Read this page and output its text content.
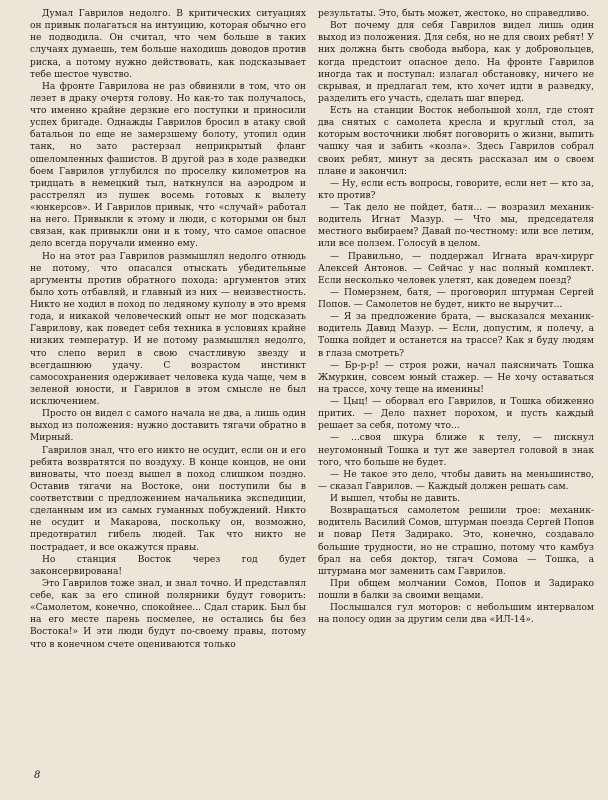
Думал Гаврилов недолго. В критических ситуациях он привык полагаться на интуицию, которая обычно его не подводила. Он считал, что чем больше в таких случаях думаешь, тем больше находишь доводов против риска, а потому нужно действовать, как подсказывает тебе шестое чувство.

На фронте Гаврилова не раз обвиняли в том, что он лезет в драку очертя голову. Но как-то так получалось, что именно крайне дерзкие его поступки и приносили успех бригаде. Однажды Гаврилов бросил в атаку свой батальон по еще не замерзшему болоту, утопил один танк, но зато растерзал неприкрытый фланг ошеломленных фашистов. В другой раз в ходе разведки боем Гаврилов углубился по проселку километров на тридцать в немецкий тыл, наткнулся на аэродром и расстрелял из пушек восемь готовых к вылету «юнкерсов». И Гаврилов привык, что «случай» работал на него. Привыкли к этому и люди, с которыми он был связан, как привыкли они и к тому, что самое опасное дело всегда поручали именно ему.

Но на этот раз Гаврилов размышлял недолго отнюдь не потому, что опасался отыскать убедительные аргументы против обратного похода: аргументов этих было хоть отбавляй, и главный из них — неизвестность. Никто не ходил в поход по ледяному куполу в это время года, и никакой человеческий опыт не мог подсказать Гаврилову, как поведет себя техника в условиях крайне низких температур. И не потому размышлял недолго, что слепо верил в свою счастливую звезду и всегдашнюю удачу. С возрастом инстинкт самосохранения одерживает человека куда чаще, чем в зеленой юности, и Гаврилов в этом смысле не был исключением.

Просто он видел с самого начала не два, а лишь один выход из положения: нужно доставить тягачи обратно в Мирный.

Гаврилов знал, что его никто не осудит, если он и его ребята возвратятся по воздуху. В конце концов, не они виноваты, что поезд вышел в поход слишком поздно. Оставив тягачи на Востоке, они поступили бы в соответствии с предложением начальника экспедиции, сделанным им из самых гуманных побуждений. Никто не осудит и Макарова, поскольку он, возможно, предотвратил гибель людей. Так что никто не пострадает, и все окажутся правы.

Но станция Восток через год будет законсервирована!

Это Гаврилов тоже знал, и знал точно. И представлял себе, как за его спиной полярники будут говорить: «Самолетом, конечно, спокойнее... Сдал старик. Был бы на его месте парень посмелее, не остались бы без Востока!» И эти люди будут по-своему правы, потому что в конечном счете оцениваются только

результаты. Это, быть может, жестоко, но справедливо.

Вот почему для себя Гаврилов видел лишь один выход из положения. Для себя, но не для своих ребят! У них должна быть свобода выбора, как у добровольцев, когда предстоит опасное дело. На фронте Гаврилов иногда так и поступал: излагал обстановку, ничего не скрывая, и предлагал тем, кто хочет идти в разведку, разделить его участь, сделать шаг вперед.

Есть на станции Восток небольшой холл, где стоят два снятых с самолета кресла и круглый стол, за которым восточники любят поговорить о жизни, выпить чашку чая и забить «козла». Здесь Гаврилов собрал своих ребят, минут за десять рассказал им о своем плане и закончил:

— Ну, если есть вопросы, говорите, если нет — кто за, кто против?

— Так дело не пойдет, батя... — возразил механик-водитель Игнат Мазур. — Что мы, председателя местного выбираем? Давай по-честному: или все летим, или все ползем. Голосуй в целом.

— Правильно, — поддержал Игната врач-хирург Алексей Антонов. — Сейчас у нас полный комплект. Если несколько человек улетят, как доведем поезд?

— Померзнем, батя, — проговорил штурман Сергей Попов. — Самолетов не будет, никто не выручит...

— Я за предложение брата, — высказался механик-водитель Давид Мазур. — Если, допустим, я полечу, а Тошка пойдет и останется на трассе? Как я буду людям в глаза смотреть?

— Бр-р-р! — строя рожи, начал паясничать Тошка Жмуркин, совсем юный стажер. — Не хочу оставаться на трассе, хочу теще на именины!

— Цыц! — оборвал его Гаврилов, и Тошка обиженно притих. — Дело пахнет порохом, и пусть каждый решает за себя, потому что...

— ...своя шкура ближе к телу, — пискнул неугомонный Тошка и тут же завертел головой в знак того, что больше не будет.

— Не такое это дело, чтобы давить на меньшинство, — сказал Гаврилов. — Каждый должен решать сам.

И вышел, чтобы не давить.

Возвращаться самолетом решили трое: механик-водитель Василий Сомов, штурман поезда Сергей Попов и повар Петя Задирако. Это, конечно, создавало большие трудности, но не страшно, потому что камбуз брал на себя доктор, тягач Сомова — Тошка, а штурмана мог заменить сам Гаврилов.

При общем молчании Сомов, Попов и Задирако пошли в балки за своими вещами.

Послышался гул моторов: с небольшим интервалом на полосу один за другим сели два «ИЛ-14».

8
